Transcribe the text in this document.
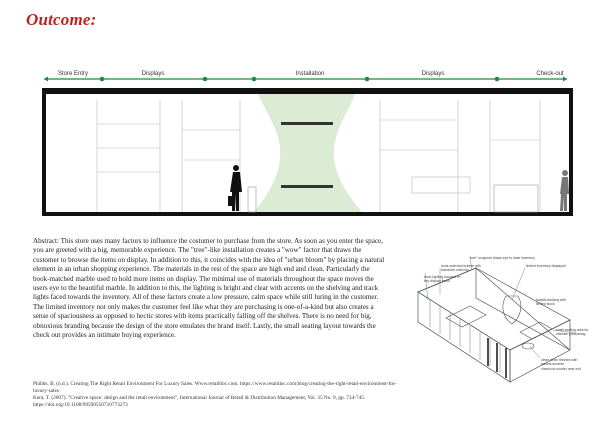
Outcome:
Store Entry	Displays	Installation	Displays	Check-out
Abstract: This store uses many factors to influence the costumer to purchase from the store. As soon as you enter the space, you are greeted with a big, memorable experience. The "tree"-like installation creates a "wow" factor that draws the customer to browse the items on display. In addition to this, it coincides with the idea of "urban bloom" by placing a natural element in an urban shopping experience. The materials in the rest of the space are high end and clean. Particularly the book-matched marble used to hold more items on display. The minimal use of materials throughout the space moves the users eye to the beautiful marble. In addition to this, the lighting is bright and clear with accents on the shelving and track lights faced towards the inventory. All of these factors create a low pressure, calm space while still luring in the customer. The limited inventory not only makes the customer feel like what they are purchasing is one-of-a-kind but also creates a sense of spaciousness as opposed to hectic stores with items practically falling off the shelves. There is no need for big, obnoxious branding because the design of the store emulates the brand itself. Lastly, the small seating layout towards the check out provides an intimate buying experience.

Phibbs, B. (n.d.). Creating The Right Retail Environment For Luxury Sales. Www.retaildoc.com. https://www.retaildoc.com/blog/creating-the-right-retail-environment-for-luxury-sales

Kent, T. (2007). "Creative space: design and the retail environment", International Journal of Retail & Distribution Management, Vol. 35 No. 9, pp. 734-745. https://doi.org/10.1108/09590550710773273

"tree" sculpture draws eye to back inventory
book-matched marble with wardrobe shelving
limited inventory displayed
track lighting focused on key display items
backlit shelving with limited stock
small seating area for intimate purchasing
clean white finishes with natural accents
checkout counter near exit
